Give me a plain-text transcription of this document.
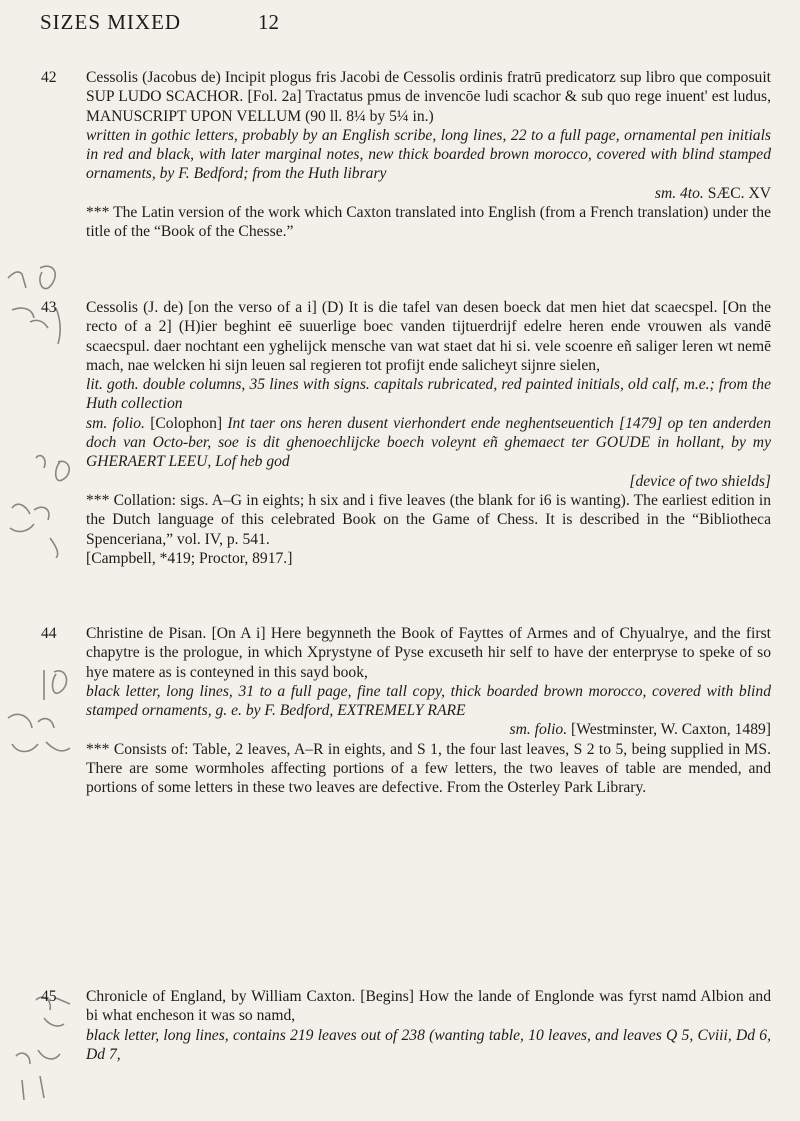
SIZES MIXED	12
42 Cessolis (Jacobus de) Incipit plogus fris Jacobi de Cessolis ordinis fratrū predicatorz sup libro que composuit SUP LUDO SCACHOR. [Fol. 2a] Tractatus pmus de invencōe ludi scachor & sub quo rege inuent' est ludus, MANUSCRIPT UPON VELLUM (90 ll. 8¼ by 5¼ in.)

written in gothic letters, probably by an English scribe, long lines, 22 to a full page, ornamental pen initials in red and black, with later marginal notes, new thick boarded brown morocco, covered with blind stamped ornaments, by F. Bedford; from the Huth library

sm. 4to. SÆC. XV

*** The Latin version of the work which Caxton translated into English (from a French translation) under the title of the “Book of the Chesse.”

43 Cessolis (J. de) [on the verso of a i] (D) It is die tafel van desen boeck dat men hiet dat scaecspel. [On the recto of a 2] (H)ier beghint eē suuerlige boec vanden tijtuerdrijf edelre heren ende vrouwen als vandē scaecspul. daer nochtant een yghelijck mensche van wat staet dat hi si. vele scoenre eñ saliger leren wt nemē mach, nae welcken hi sijn leuen sal regieren tot profijt ende salicheyt sijnre sielen,

lit. goth. double columns, 35 lines with signs. capitals rubricated, red painted initials, old calf, m.e.; from the Huth collection

sm. folio. [Colophon] Int taer ons heren dusent vierhondert ende neghentseuentich [1479] op ten anderden doch van Octo-ber, soe is dit ghenoechlijcke boech voleynt eñ ghemaect ter GOUDE in hollant, by my GHERAERT LEEU, Lof heb god

[device of two shields]

*** Collation: sigs. A–G in eights; h six and i five leaves (the blank for i6 is wanting). The earliest edition in the Dutch language of this celebrated Book on the Game of Chess. It is described in the “Bibliotheca Spenceriana,” vol. IV, p. 541.

[Campbell, *419; Proctor, 8917.]

44 Christine de Pisan. [On A i] Here begynneth the Book of Fayttes of Armes and of Chyualrye, and the first chapytre is the prologue, in which Xprystyne of Pyse excuseth hir self to have der enterpryse to speke of so hye matere as is conteyned in this sayd book,

black letter, long lines, 31 to a full page, fine tall copy, thick boarded brown morocco, covered with blind stamped ornaments, g. e. by F. Bedford, EXTREMELY RARE

sm. folio. [Westminster, W. Caxton, 1489]

*** Consists of: Table, 2 leaves, A–R in eights, and S 1, the four last leaves, S 2 to 5, being supplied in MS. There are some wormholes affecting portions of a few letters, the two leaves of table are mended, and portions of some letters in these two leaves are defective. From the Osterley Park Library.

45 Chronicle of England, by William Caxton. [Begins] How the lande of Englonde was fyrst namd Albion and bi what encheson it was so namd,

black letter, long lines, contains 219 leaves out of 238 (wanting table, 10 leaves, and leaves Q 5, Cviii, Dd 6, Dd 7,
